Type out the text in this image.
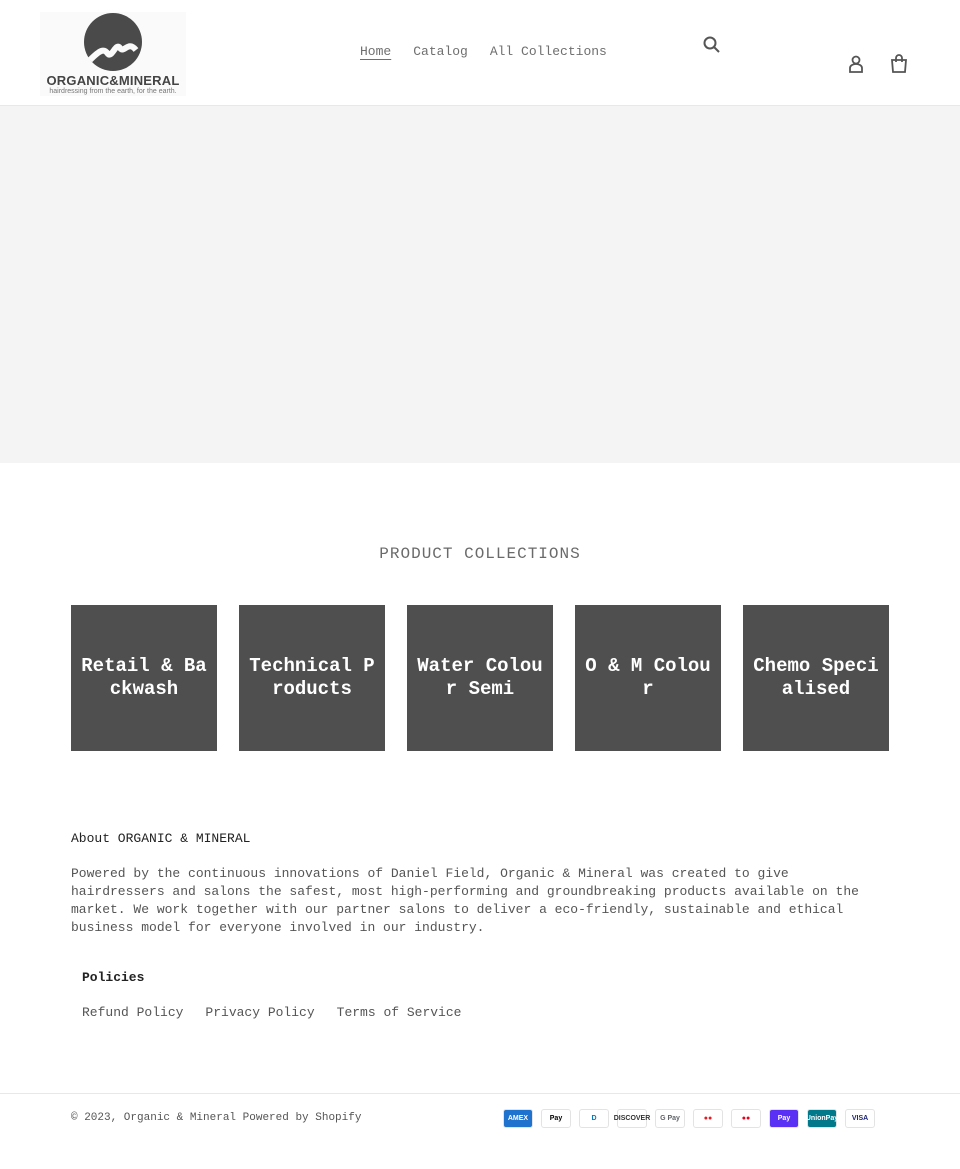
ORGANIC&MINERAL
hairdressing from the earth, for the earth.
Home Catalog All Collections
PRODUCT COLLECTIONS
Retail & Backwash
Technical Products
Water Colour Semi
O & M Colour
Chemo Specialised
About ORGANIC & MINERAL

Powered by the continuous innovations of Daniel Field, Organic & Mineral was created to give hairdressers and salons the safest, most high-performing and groundbreaking products available on the market. We work together with our partner salons to deliver a eco-friendly, sustainable and ethical business model for everyone involved in our industry.

Policies
Refund Policy Privacy Policy Terms of Service
© 2023, Organic & Mineral Powered by Shopify	AMEX	Pay	D	DISCOVER	G Pay	●●	●●	Pay	UnionPay	VISA
